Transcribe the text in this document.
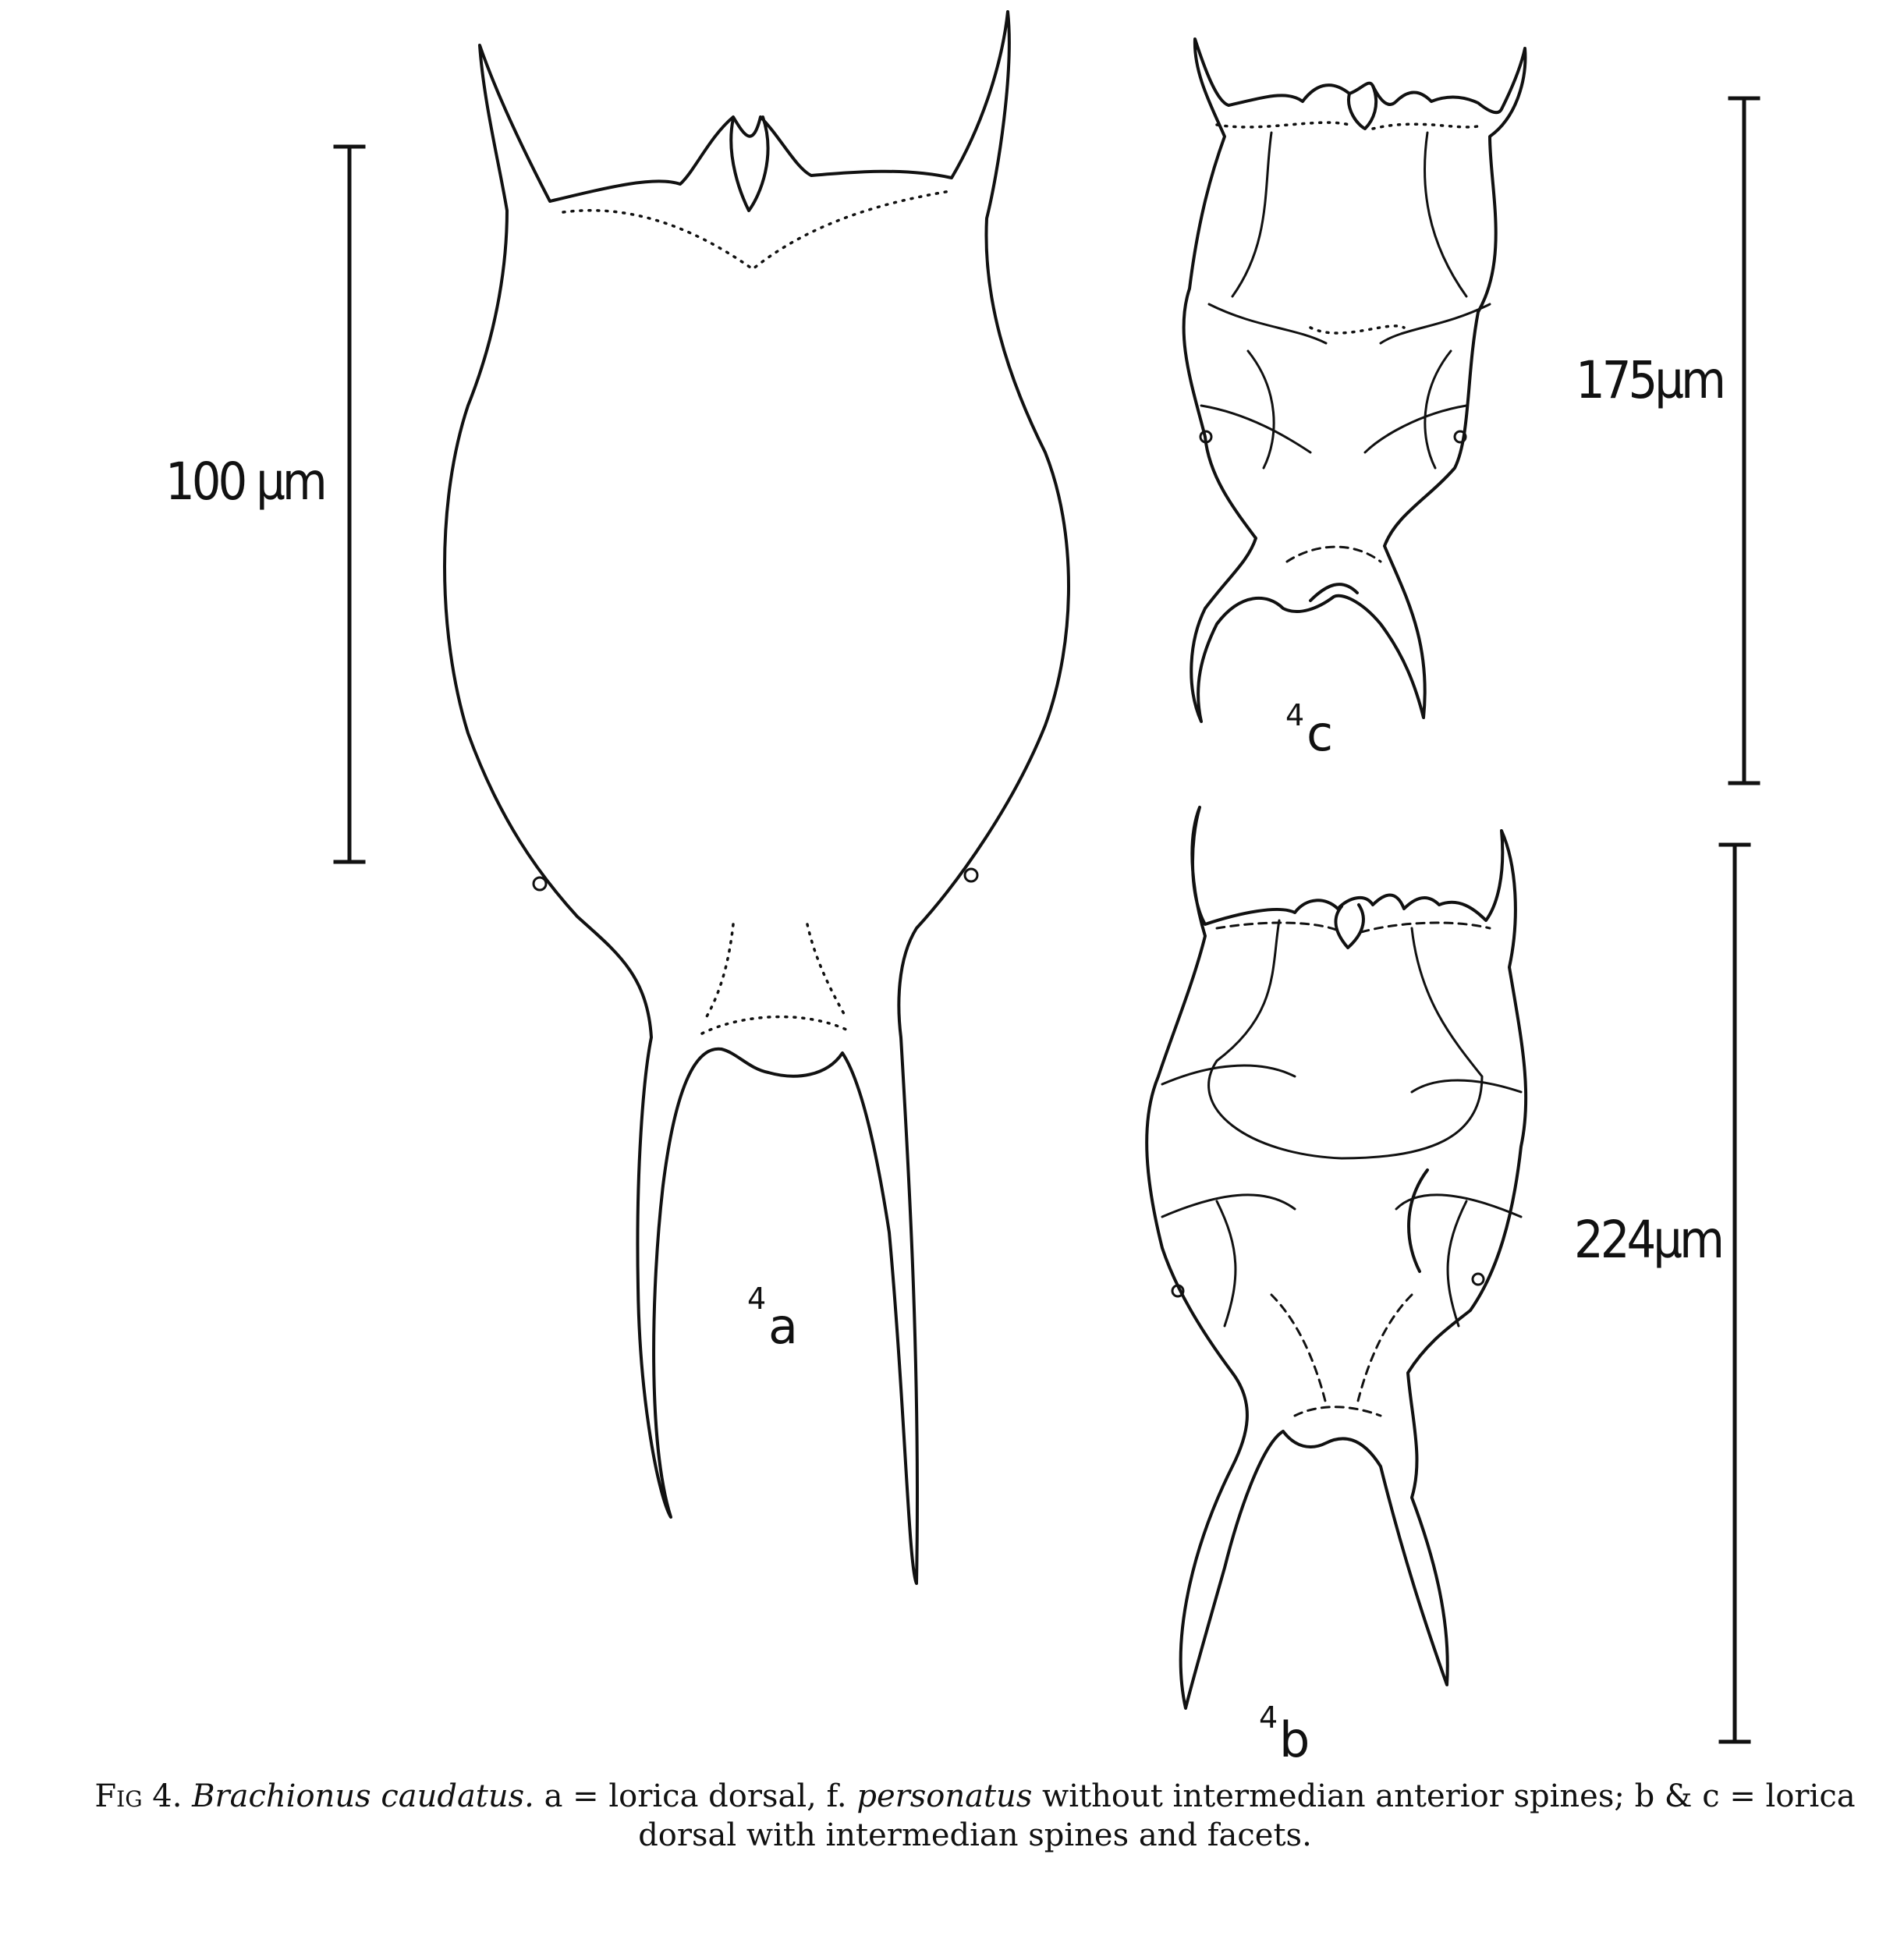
100 µm
175µm
224µm
a
4
4 c
4 b
Fig 4. Brachionus caudatus. a = lorica dorsal, f. personatus without intermedian anterior spines; b & c = lorica dorsal with intermedian spines and facets.
